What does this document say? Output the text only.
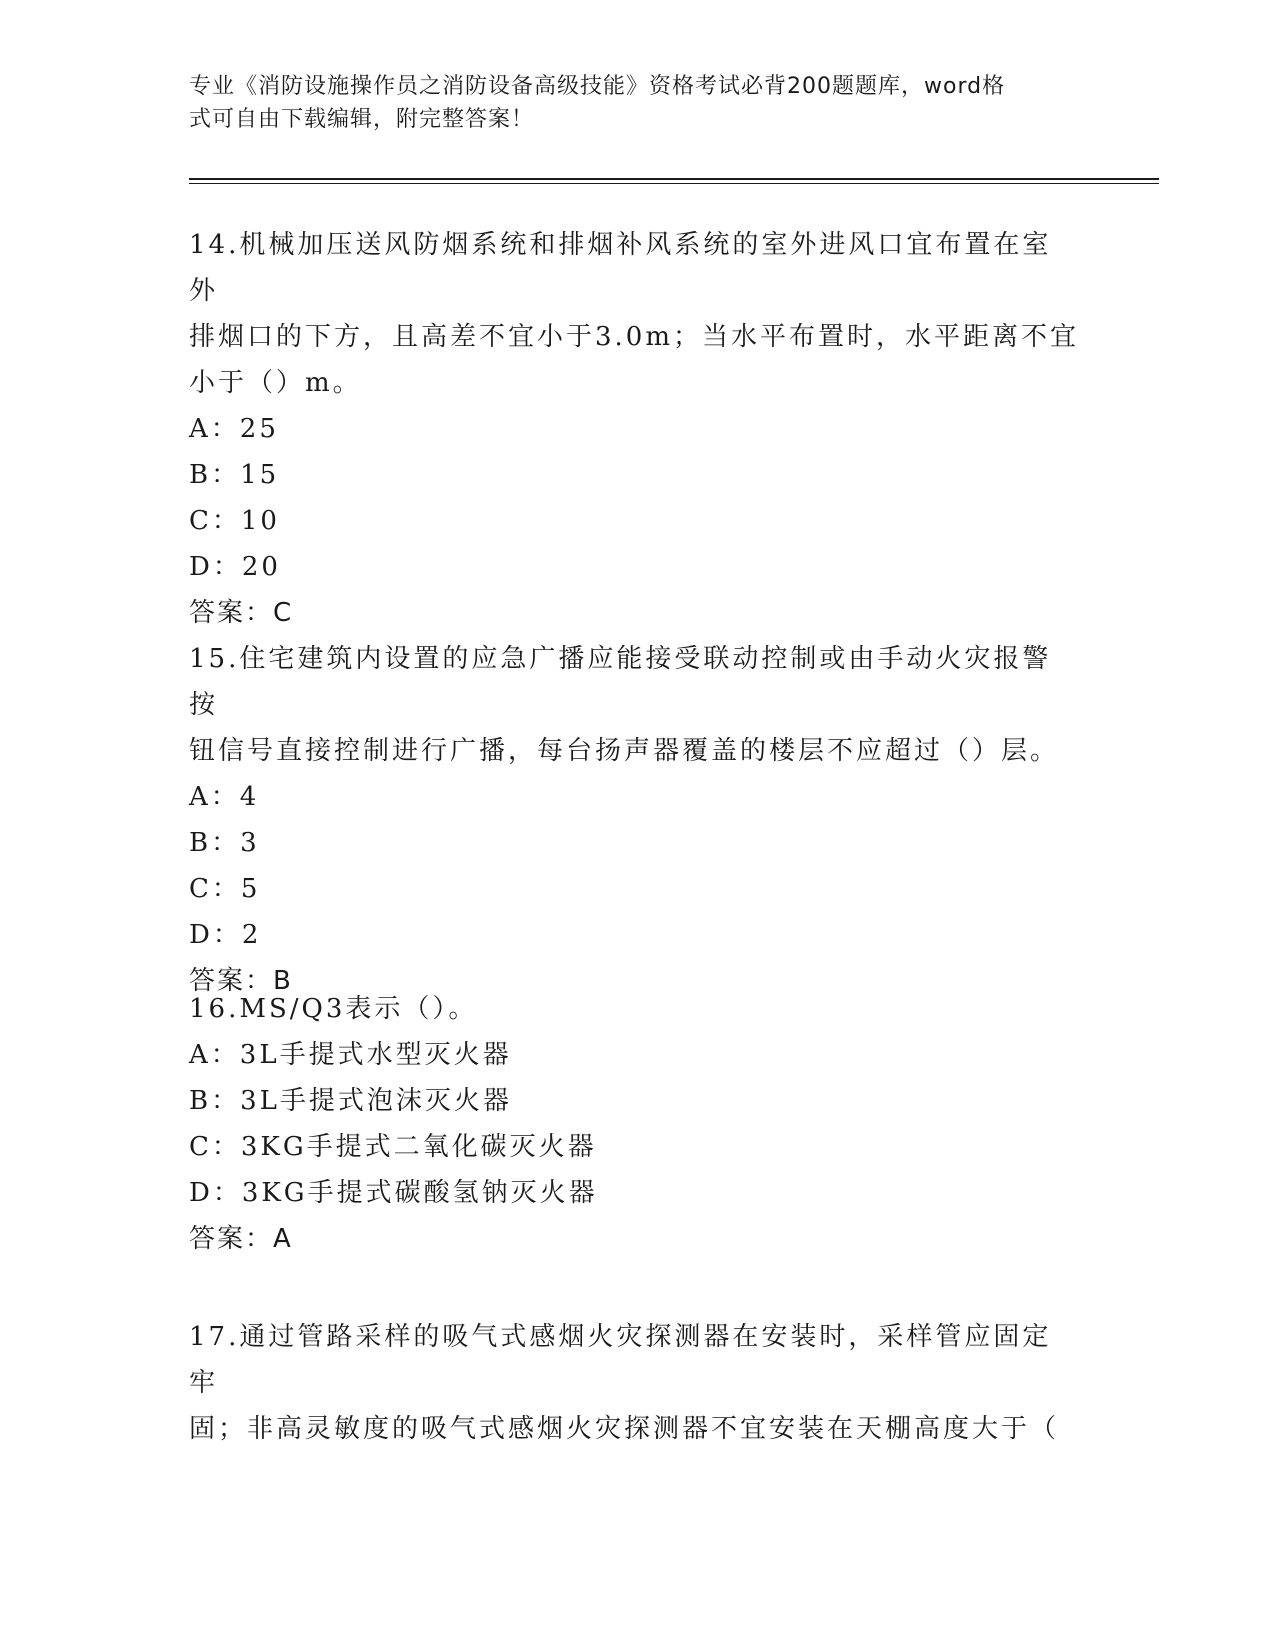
专业《消防设施操作员之消防设备高级技能》资格考试必背200题题库，word格
式可自由下载编辑，附完整答案！
14.机械加压送风防烟系统和排烟补风系统的室外进风口宜布置在室外
排烟口的下方，且高差不宜小于3.0m；当水平布置时，水平距离不宜
小于（）m。
A：25
B：15
C：10
D：20
答案：C
15.住宅建筑内设置的应急广播应能接受联动控制或由手动火灾报警按
钮信号直接控制进行广播，每台扬声器覆盖的楼层不应超过（）层。
A：4
B：3
C：5
D：2
答案：B
16.MS/Q3表示（）。
A：3L手提式水型灭火器
B：3L手提式泡沫灭火器
C：3KG手提式二氧化碳灭火器
D：3KG手提式碳酸氢钠灭火器
答案：A
17.通过管路采样的吸气式感烟火灾探测器在安装时，采样管应固定牢
固；非高灵敏度的吸气式感烟火灾探测器不宜安装在天棚高度大于（
